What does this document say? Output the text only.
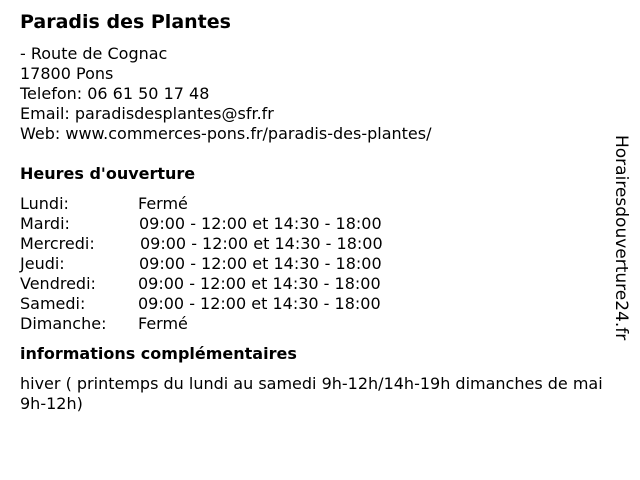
Paradis des Plantes
- Route de Cognac
17800 Pons
Telefon: 06 61 50 17 48
Email: paradisdesplantes@sfr.fr
Web: www.commerces-pons.fr/paradis-des-plantes/
Heures d'ouverture
Lundi:	Fermé
Mardi:	09:00 - 12:00 et 14:30 - 18:00
Mercredi:	09:00 - 12:00 et 14:30 - 18:00
Jeudi:	09:00 - 12:00 et 14:30 - 18:00
Vendredi:	09:00 - 12:00 et 14:30 - 18:00
Samedi:	09:00 - 12:00 et 14:30 - 18:00
Dimanche: Fermé
informations complémentaires
hiver ( printemps du lundi au samedi 9h-12h/14h-19h dimanches de mai 9h-12h)
Horairesdouverture24.fr
